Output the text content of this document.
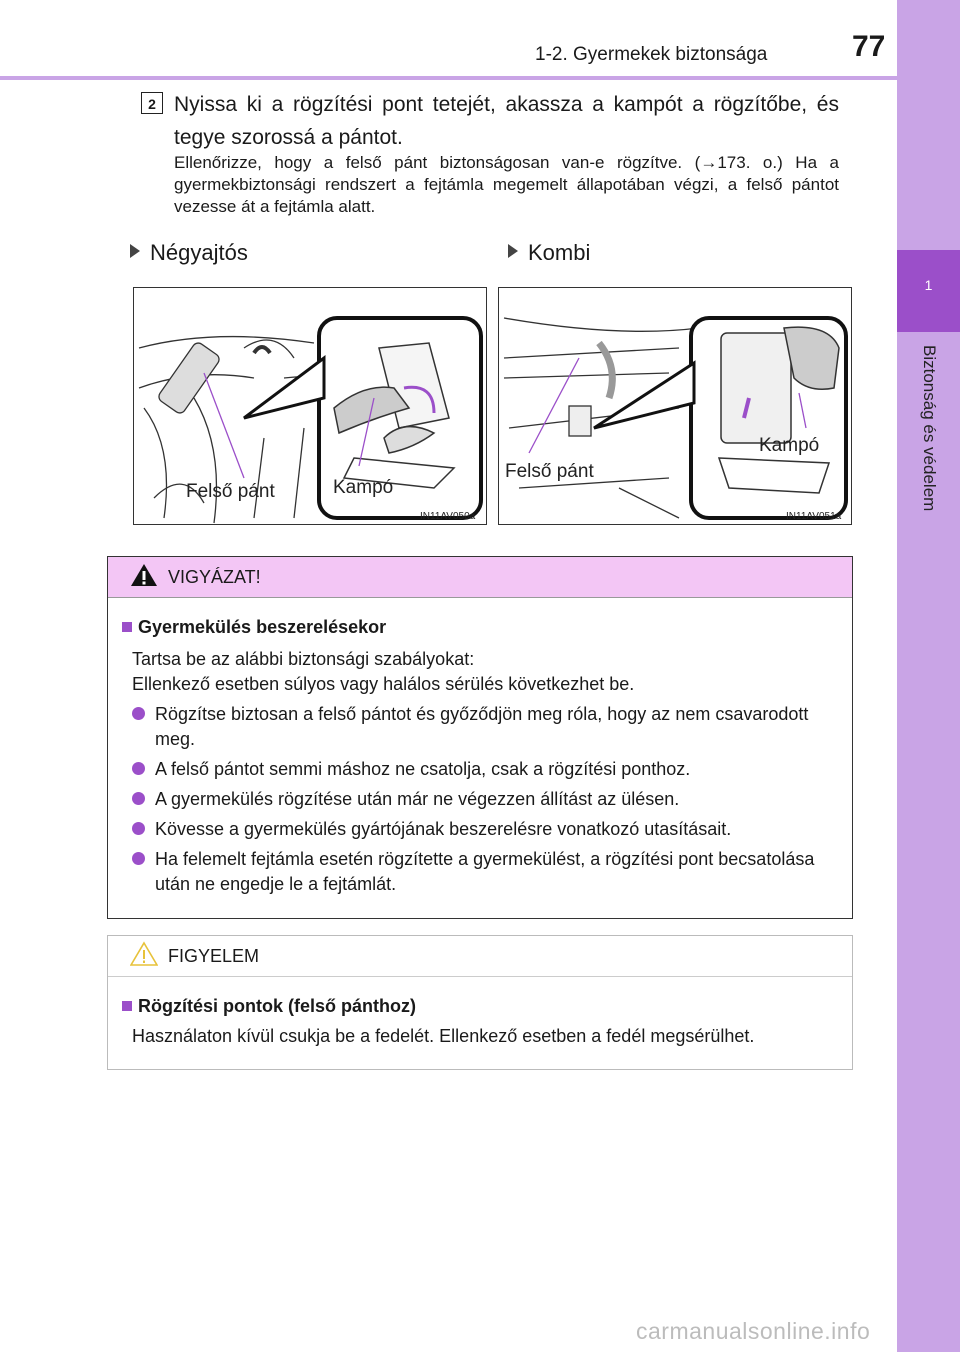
1-2. Gyermekek biztonsága	77
1
Biztonság és védelem
2 Nyissa ki a rögzítési pont tetejét, akassza a kampót a rögzítőbe, és tegye szorossá a pántot.
Ellenőrizze, hogy a felső pánt biztonságosan van-e rögzítve. (→173. o.) Ha a gyermekbiztonsági rendszert a fejtámla megemelt állapotában végzi, a felső pántot vezesse át a fejtámla alatt.
Négyajtós	Kombi
Felső pánt	Kampó
IN11AV050a
Felső pánt
Kampó
IN11AV051a
VIGYÁZAT!
Gyermekülés beszerelésekor
Tartsa be az alábbi biztonsági szabályokat:
Ellenkező esetben súlyos vagy halálos sérülés következhet be.
Rögzítse biztosan a felső pántot és győződjön meg róla, hogy az nem csavarodott meg.
A felső pántot semmi máshoz ne csatolja, csak a rögzítési ponthoz.
A gyermekülés rögzítése után már ne végezzen állítást az ülésen.
Kövesse a gyermekülés gyártójának beszerelésre vonatkozó utasításait.
Ha felemelt fejtámla esetén rögzítette a gyermekülést, a rögzítési pont becsatolása után ne engedje le a fejtámlát.
FIGYELEM
Rögzítési pontok (felső pánthoz)
Használaton kívül csukja be a fedelét. Ellenkező esetben a fedél megsérülhet.
carmanualsonline.info
